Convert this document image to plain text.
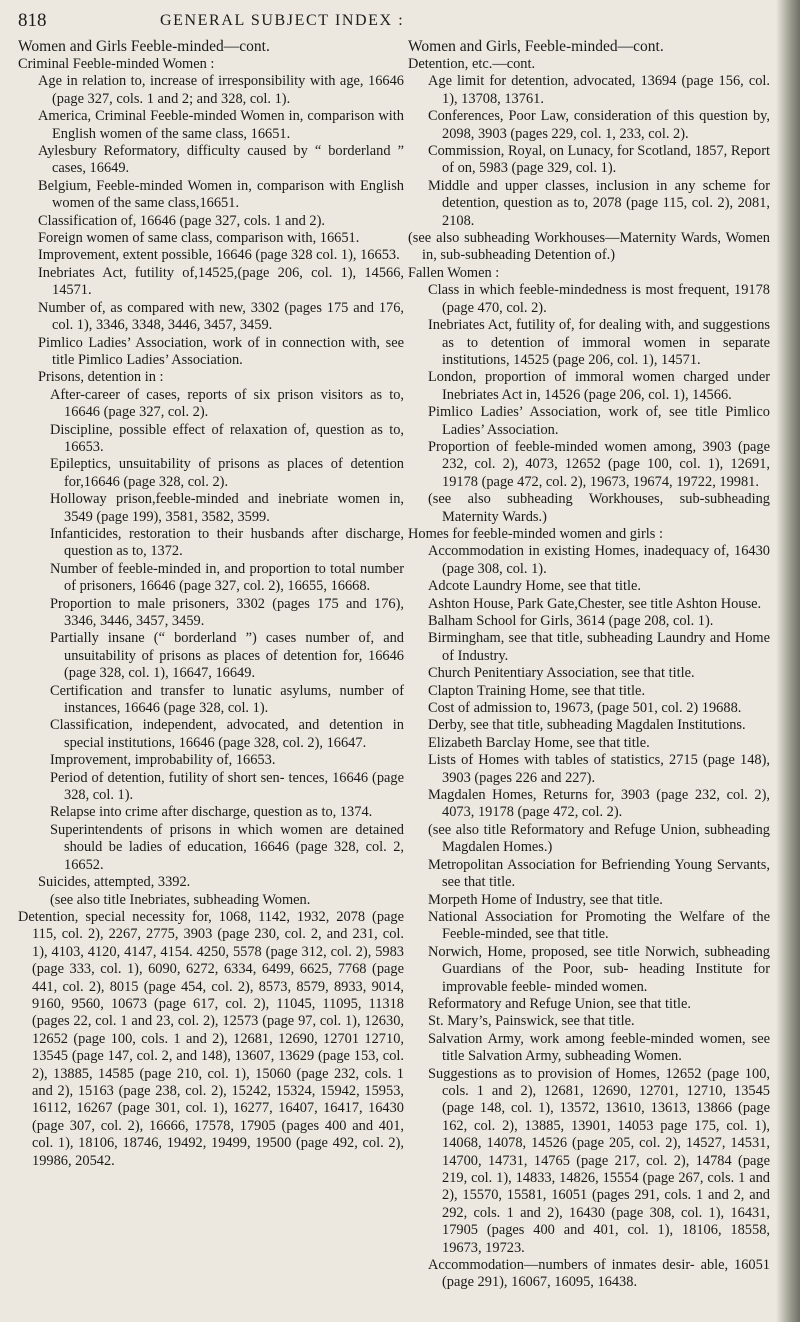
818	GENERAL SUBJECT INDEX :
Women and Girls Feeble-minded—cont.
Criminal Feeble-minded Women :
Age in relation to, increase of irresponsibility with age, 16646 (page 327, cols. 1 and 2; and 328, col. 1).
America, Criminal Feeble-minded Women in, comparison with English women of the same class, 16651.
Aylesbury Reformatory, difficulty caused by “ borderland ” cases, 16649.
Belgium, Feeble-minded Women in, comparison with English women of the same class,16651.
Classification of, 16646 (page 327, cols. 1 and 2).
Foreign women of same class, comparison with, 16651.
Improvement, extent possible, 16646 (page 328 col. 1), 16653.
Inebriates Act, futility of,14525,(page 206, col. 1), 14566, 14571.
Number of, as compared with new, 3302 (pages 175 and 176, col. 1), 3346, 3348, 3446, 3457, 3459.
Pimlico Ladies’ Association, work of in connection with, see title Pimlico Ladies’ Association.
Prisons, detention in :
After-career of cases, reports of six prison visitors as to, 16646 (page 327, col. 2).
Discipline, possible effect of relaxation of, question as to, 16653.
Epileptics, unsuitability of prisons as places of detention for,16646 (page 328, col. 2).
Holloway prison,feeble-minded and inebriate women in, 3549 (page 199), 3581, 3582, 3599.
Infanticides, restoration to their husbands after discharge, question as to, 1372.
Number of feeble-minded in, and proportion to total number of prisoners, 16646 (page 327, col. 2), 16655, 16668.
Proportion to male prisoners, 3302 (pages 175 and 176), 3346, 3446, 3457, 3459.
Partially insane (“ borderland ”) cases number of, and unsuitability of prisons as places of detention for, 16646 (page 328, col. 1), 16647, 16649.
Certification and transfer to lunatic asylums, number of instances, 16646 (page 328, col. 1).
Classification, independent, advocated, and detention in special institutions, 16646 (page 328, col. 2), 16647.
Improvement, improbability of, 16653.
Period of detention, futility of short sen- tences, 16646 (page 328, col. 1).
Relapse into crime after discharge, question as to, 1374.
Superintendents of prisons in which women are detained should be ladies of education, 16646 (page 328, col. 2, 16652.
Suicides, attempted, 3392.
(see also title Inebriates, subheading Women.
Detention, special necessity for, 1068, 1142, 1932, 2078 (page 115, col. 2), 2267, 2775, 3903 (page 230, col. 2, and 231, col. 1), 4103, 4120, 4147, 4154. 4250, 5578 (page 312, col. 2), 5983 (page 333, col. 1), 6090, 6272, 6334, 6499, 6625, 7768 (page 441, col. 2), 8015 (page 454, col. 2), 8573, 8579, 8933, 9014, 9160, 9560, 10673 (page 617, col. 2), 11045, 11095, 11318 (pages 22, col. 1 and 23, col. 2), 12573 (page 97, col. 1), 12630, 12652 (page 100, cols. 1 and 2), 12681, 12690, 12701 12710, 13545 (page 147, col. 2, and 148), 13607, 13629 (page 153, col. 2), 13885, 14585 (page 210, col. 1), 15060 (page 232, cols. 1 and 2), 15163 (page 238, col. 2), 15242, 15324, 15942, 15953, 16112, 16267 (page 301, col. 1), 16277, 16407, 16417, 16430 (page 307, col. 2), 16666, 17578, 17905 (pages 400 and 401, col. 1), 18106, 18746, 19492, 19499, 19500 (page 492, col. 2), 19986, 20542.
Women and Girls, Feeble-minded—cont.
Detention, etc.—cont.
Age limit for detention, advocated, 13694 (page 156, col. 1), 13708, 13761.
Conferences, Poor Law, consideration of this question by, 2098, 3903 (pages 229, col. 1, 233, col. 2).
Commission, Royal, on Lunacy, for Scotland, 1857, Report of on, 5983 (page 329, col. 1).
Middle and upper classes, inclusion in any scheme for detention, question as to, 2078 (page 115, col. 2), 2081, 2108.
(see also subheading Workhouses—Maternity Wards, Women in, sub-subheading Detention of.)
Fallen Women :
Class in which feeble-mindedness is most frequent, 19178 (page 470, col. 2).
Inebriates Act, futility of, for dealing with, and suggestions as to detention of immoral women in separate institutions, 14525 (page 206, col. 1), 14571.
London, proportion of immoral women charged under Inebriates Act in, 14526 (page 206, col. 1), 14566.
Pimlico Ladies’ Association, work of, see title Pimlico Ladies’ Association.
Proportion of feeble-minded women among, 3903 (page 232, col. 2), 4073, 12652 (page 100, col. 1), 12691, 19178 (page 472, col. 2), 19673, 19674, 19722, 19981.
(see also subheading Workhouses, sub-subheading Maternity Wards.)
Homes for feeble-minded women and girls :
Accommodation in existing Homes, inadequacy of, 16430 (page 308, col. 1).
Adcote Laundry Home, see that title.
Ashton House, Park Gate,Chester, see title Ashton House.
Balham School for Girls, 3614 (page 208, col. 1).
Birmingham, see that title, subheading Laundry and Home of Industry.
Church Penitentiary Association, see that title.
Clapton Training Home, see that title.
Cost of admission to, 19673, (page 501, col. 2) 19688.
Derby, see that title, subheading Magdalen Institutions.
Elizabeth Barclay Home, see that title.
Lists of Homes with tables of statistics, 2715 (page 148), 3903 (pages 226 and 227).
Magdalen Homes, Returns for, 3903 (page 232, col. 2), 4073, 19178 (page 472, col. 2).
(see also title Reformatory and Refuge Union, subheading Magdalen Homes.)
Metropolitan Association for Befriending Young Servants, see that title.
Morpeth Home of Industry, see that title.
National Association for Promoting the Welfare of the Feeble-minded, see that title.
Norwich, Home, proposed, see title Norwich, subheading Guardians of the Poor, sub- heading Institute for improvable feeble- minded women.
Reformatory and Refuge Union, see that title.
St. Mary’s, Painswick, see that title.
Salvation Army, work among feeble-minded women, see title Salvation Army, subheading Women.
Suggestions as to provision of Homes, 12652 (page 100, cols. 1 and 2), 12681, 12690, 12701, 12710, 13545 (page 148, col. 1), 13572, 13610, 13613, 13866 (page 162, col. 2), 13885, 13901, 14053 page 175, col. 1), 14068, 14078, 14526 (page 205, col. 2), 14527, 14531, 14700, 14731, 14765 (page 217, col. 2), 14784 (page 219, col. 1), 14833, 14826, 15554 (page 267, cols. 1 and 2), 15570, 15581, 16051 (pages 291, cols. 1 and 2, and 292, cols. 1 and 2), 16430 (page 308, col. 1), 16431, 17905 (pages 400 and 401, col. 1), 18106, 18558, 19673, 19723.
Accommodation—numbers of inmates desir- able, 16051 (page 291), 16067, 16095, 16438.
